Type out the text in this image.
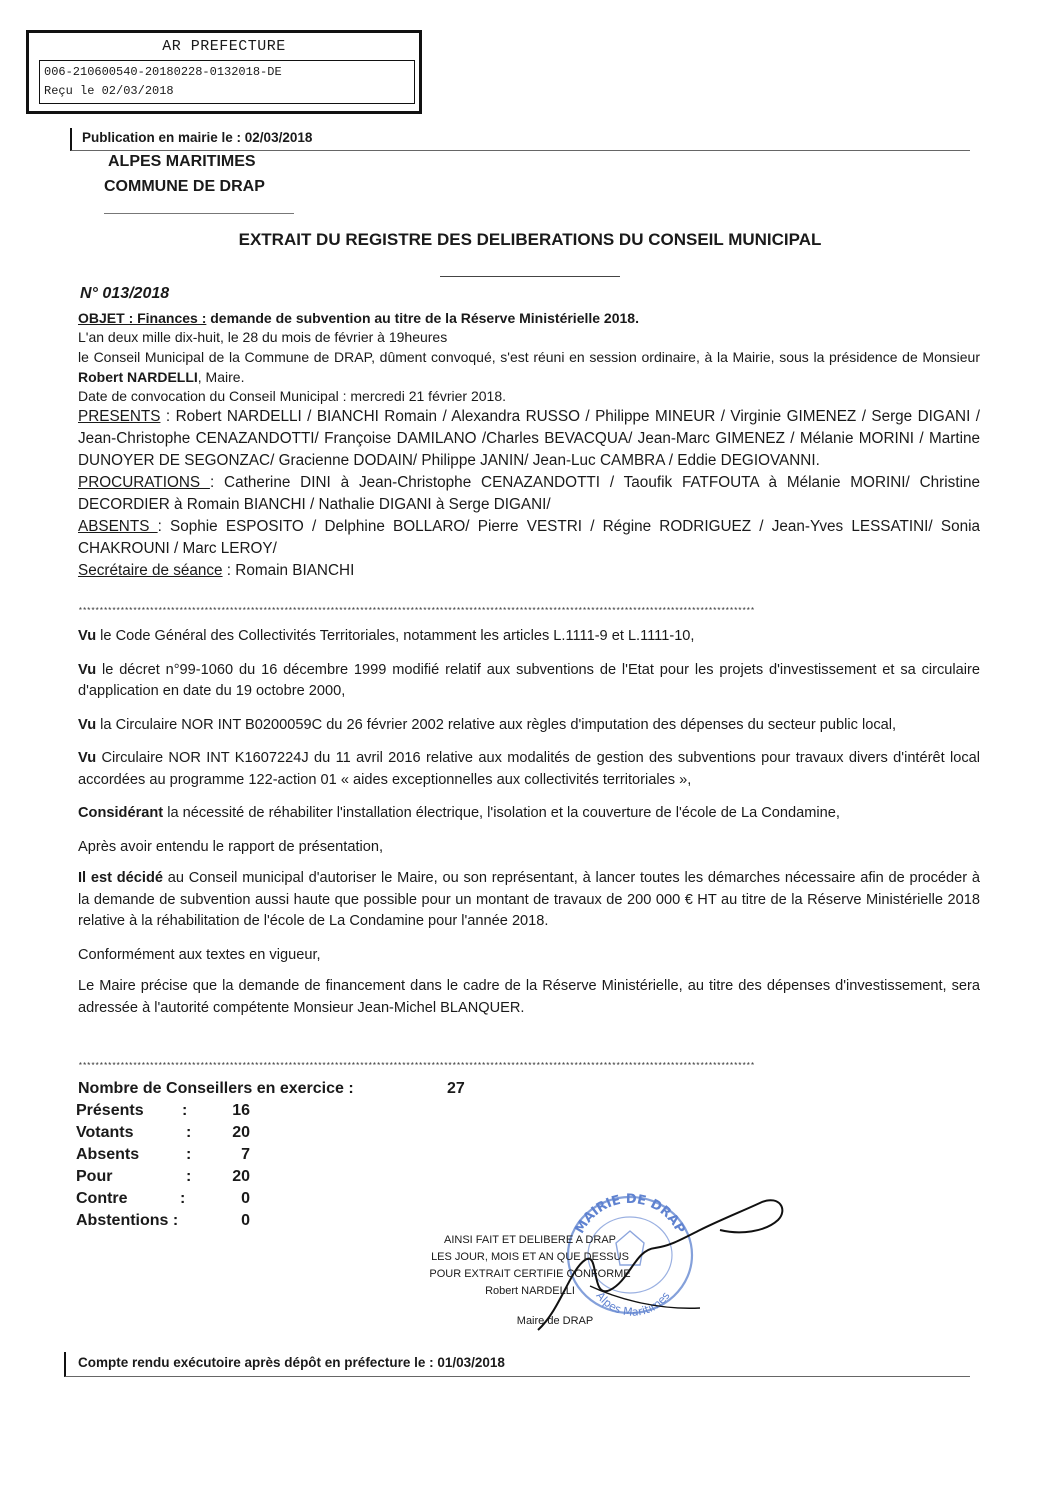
AR PREFECTURE
006-210600540-20180228-0132018-DE
Reçu le 02/03/2018
Publication en mairie le : 02/03/2018
ALPES MARITIMES
COMMUNE DE DRAP
EXTRAIT DU REGISTRE DES DELIBERATIONS DU CONSEIL MUNICIPAL
N° 013/2018
OBJET : Finances : demande de subvention au titre de la Réserve Ministérielle 2018.
L'an deux mille dix-huit, le 28 du mois de février à 19heures
le Conseil Municipal de la Commune de DRAP, dûment convoqué, s'est réuni en session ordinaire, à la Mairie, sous la présidence de Monsieur Robert NARDELLI, Maire.
Date de convocation du Conseil Municipal : mercredi 21 février 2018.
PRESENTS : Robert NARDELLI / BIANCHI Romain / Alexandra RUSSO / Philippe MINEUR / Virginie GIMENEZ / Serge DIGANI / Jean-Christophe CENAZANDOTTI/ Françoise DAMILANO /Charles BEVACQUA/ Jean-Marc GIMENEZ / Mélanie MORINI / Martine DUNOYER DE SEGONZAC/ Gracienne DODAIN/ Philippe JANIN/ Jean-Luc CAMBRA / Eddie DEGIOVANNI.
PROCURATIONS : Catherine DINI à Jean-Christophe CENAZANDOTTI / Taoufik FATFOUTA à Mélanie MORINI/ Christine DECORDIER à Romain BIANCHI / Nathalie DIGANI à Serge DIGANI/
ABSENTS : Sophie ESPOSITO / Delphine BOLLARO/ Pierre VESTRI / Régine RODRIGUEZ / Jean-Yves LESSATINI/ Sonia CHAKROUNI / Marc LEROY/
Secrétaire de séance : Romain BIANCHI
*****************************************************************************************************************************************************************

Vu le Code Général des Collectivités Territoriales, notamment les articles L.1111-9 et L.1111-10,

Vu le décret n°99-1060 du 16 décembre 1999 modifié relatif aux subventions de l'Etat pour les projets d'investissement et sa circulaire d'application en date du 19 octobre 2000,

Vu la Circulaire NOR INT B0200059C du 26 février 2002 relative aux règles d'imputation des dépenses du secteur public local,

Vu Circulaire NOR INT K1607224J du 11 avril 2016 relative aux modalités de gestion des subventions pour travaux divers d'intérêt local accordées au programme 122-action 01 « aides exceptionnelles aux collectivités territoriales »,

Considérant la nécessité de réhabiliter l'installation électrique, l'isolation et la couverture de l'école de La Condamine,

Après avoir entendu le rapport de présentation,

Il est décidé au Conseil municipal d'autoriser le Maire, ou son représentant, à lancer toutes les démarches nécessaire afin de procéder à la demande de subvention aussi haute que possible pour un montant de travaux de 200 000 € HT au titre de la Réserve Ministérielle 2018 relative à la réhabilitation de l'école de La Condamine pour l'année 2018.

Conformément aux textes en vigueur,

Le Maire précise que la demande de financement dans le cadre de la Réserve Ministérielle, au titre des dépenses d'investissement, sera adressée à l'autorité compétente Monsieur Jean-Michel BLANQUER.

*****************************************************************************************************************************************************************
Nombre de Conseillers en exercice :	27
Présents :	16
Votants	:	20
Absents	:	7
Pour	:	20
Contre	:	0
Abstentions :	0	MAIRIE DE DRAP
Alpes Maritimes
AINSI FAIT ET DELIBERE A DRAP
LES JOUR, MOIS ET AN QUE DESSUS
POUR EXTRAIT CERTIFIE CONFORME
Robert NARDELLI
Maire de DRAP
Compte rendu exécutoire après dépôt en préfecture le : 01/03/2018
